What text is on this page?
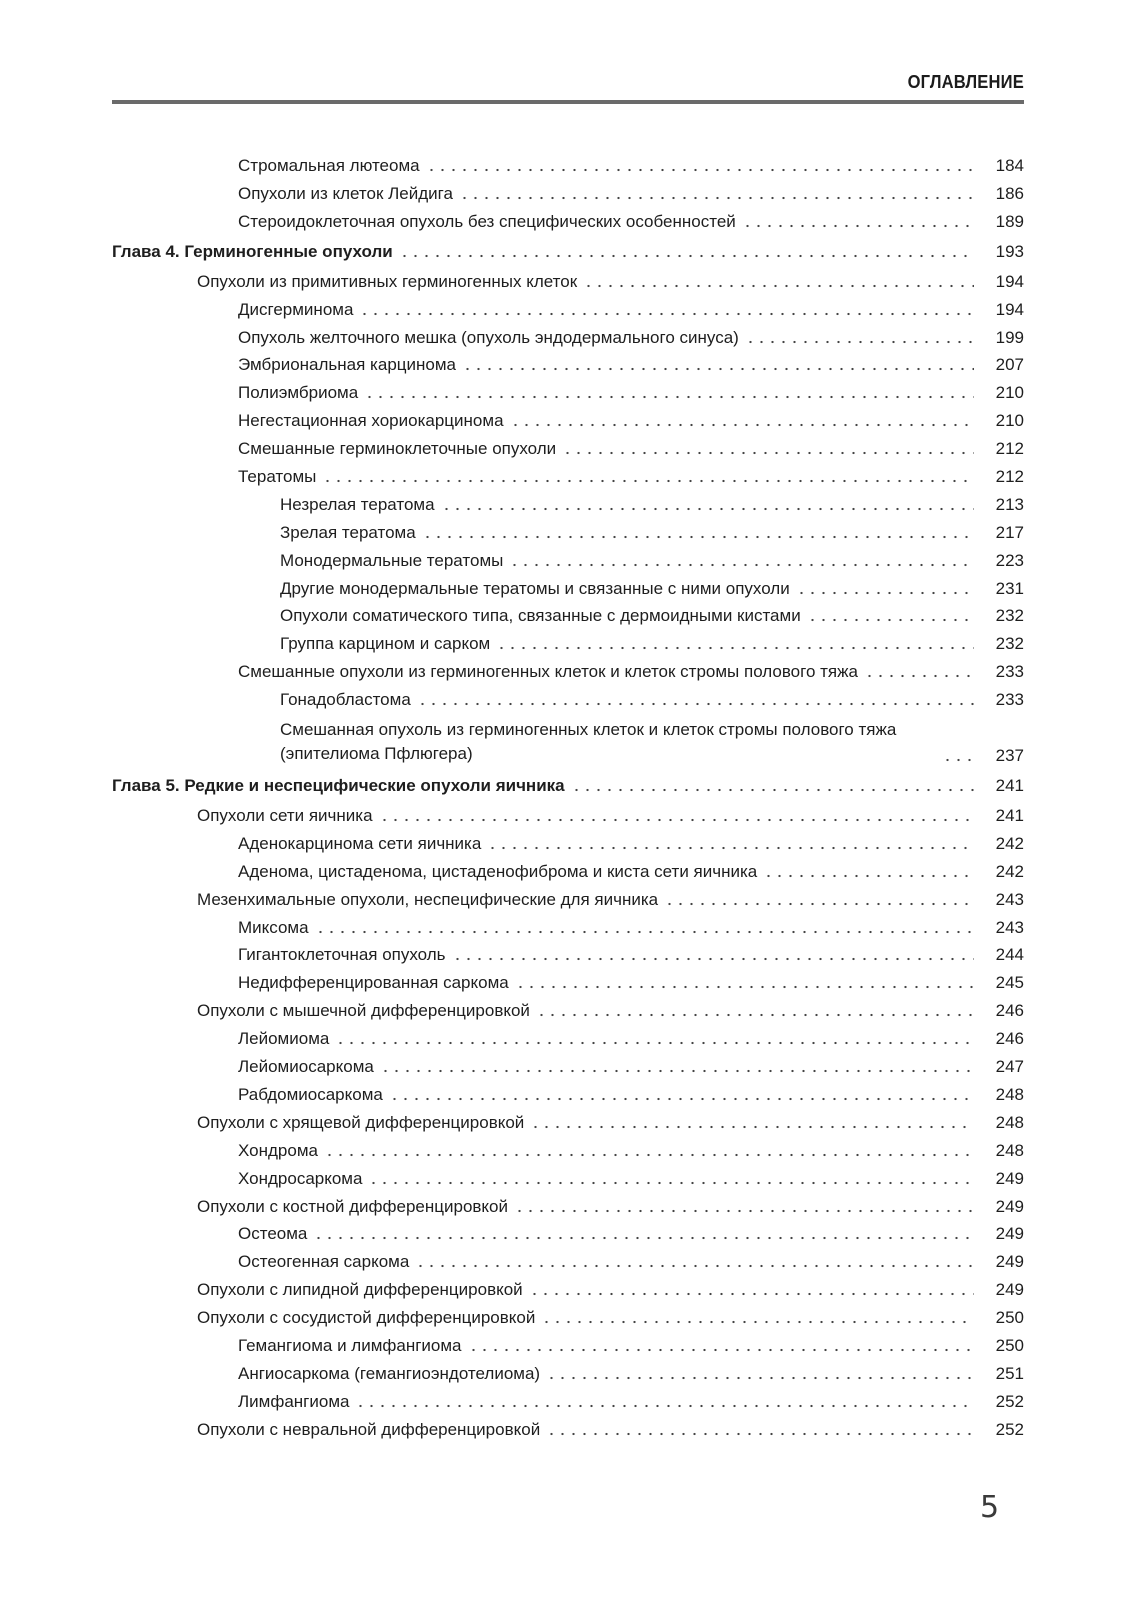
ОГЛАВЛЕНИЕ
Стромальная лютеома	184
Опухоли из клеток Лейдига	186
Стероидоклеточная опухоль без специфических особенностей	189
Глава 4. Герминогенные опухоли	193
Опухоли из примитивных герминогенных клеток	194
Дисгерминома	194
Опухоль желточного мешка (опухоль эндодермального синуса)	199
Эмбриональная карцинома	207
Полиэмбриома	210
Негестационная хориокарцинома	210
Смешанные герминоклеточные опухоли	212
Тератомы	212
Незрелая тератома	213
Зрелая тератома	217
Монодермальные тератомы	223
Другие монодермальные тератомы и связанные с ними опухоли	231
Опухоли соматического типа, связанные с дермоидными кистами	232
Группа карцином и сарком	232
Смешанные опухоли из герминогенных клеток и клеток стромы полового тяжа	233
Гонадобластома	233
Смешанная опухоль из герминогенных клеток и клеток стромы полового тяжа (эпителиома Пфлюгера)	237
Глава 5. Редкие и неспецифические опухоли яичника	241
Опухоли сети яичника	241
Аденокарцинома сети яичника	242
Аденома, цистаденома, цистаденофиброма и киста сети яичника	242
Мезенхимальные опухоли, неспецифические для яичника	243
Миксома	243
Гигантоклеточная опухоль	244
Недифференцированная саркома	245
Опухоли с мышечной дифференцировкой	246
Лейомиома	246
Лейомиосаркома	247
Рабдомиосаркома	248
Опухоли с хрящевой дифференцировкой	248
Хондрома	248
Хондросаркома	249
Опухоли с костной дифференцировкой	249
Остеома	249
Остеогенная саркома	249
Опухоли с липидной дифференцировкой	249
Опухоли с сосудистой дифференцировкой	250
Гемангиома и лимфангиома	250
Ангиосаркома (гемангиоэндотелиома)	251
Лимфангиома	252
Опухоли с невральной дифференцировкой	252
5
